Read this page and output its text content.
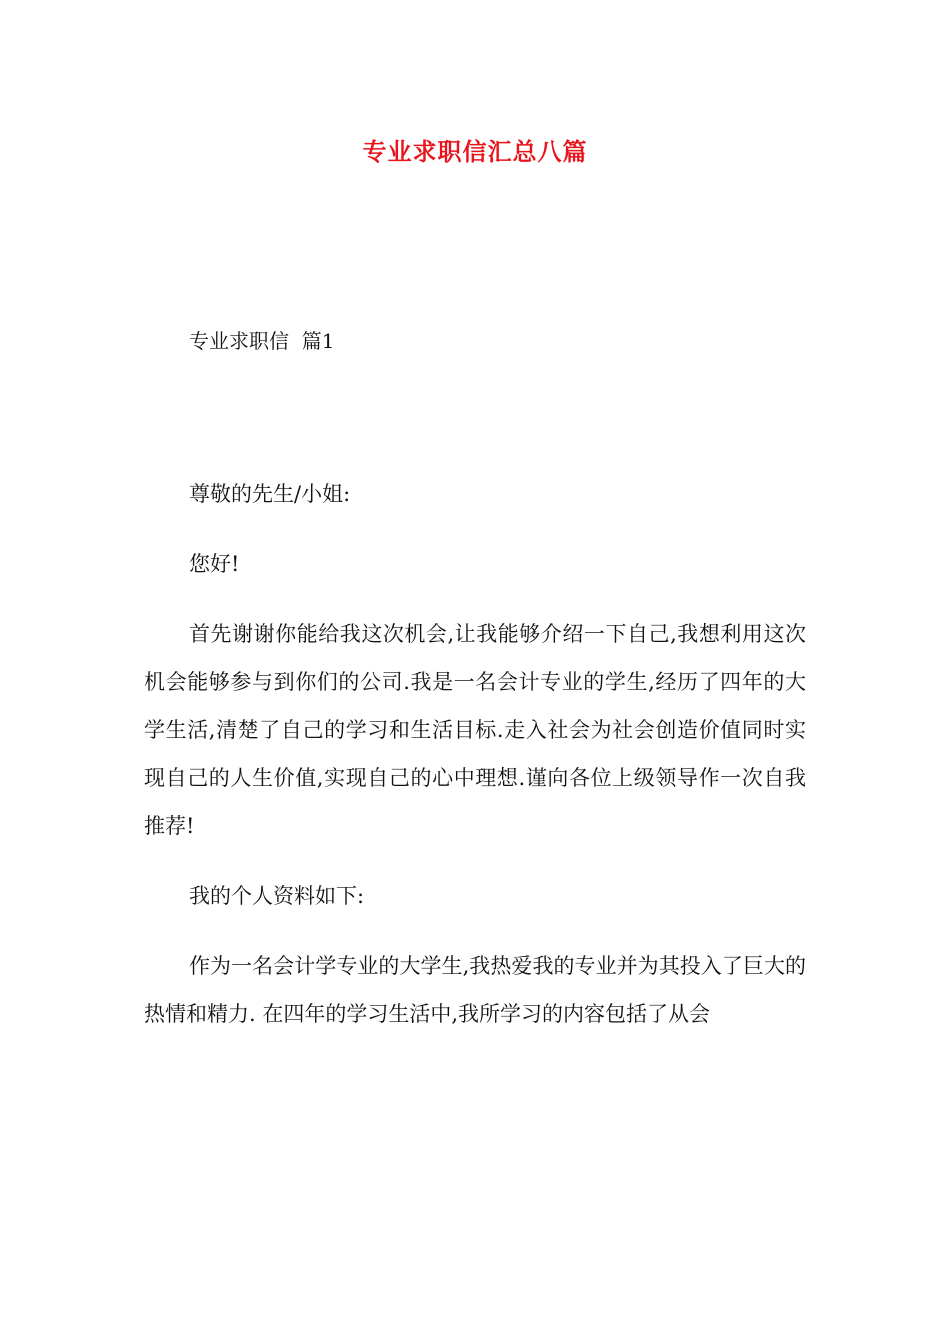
专业求职信汇总八篇
专业求职信  篇1

尊敬的先生/小姐:

您好!

首先谢谢你能给我这次机会,让我能够介绍一下自己,我想利用这次机会能够参与到你们的公司.我是一名会计专业的学生,经历了四年的大学生活,清楚了自己的学习和生活目标.走入社会为社会创造价值同时实现自己的人生价值,实现自己的心中理想.谨向各位上级领导作一次自我推荐!

我的个人资料如下:

作为一名会计学专业的大学生,我热爱我的专业并为其投入了巨大的热情和精力. 在四年的学习生活中,我所学习的内容包括了从会
